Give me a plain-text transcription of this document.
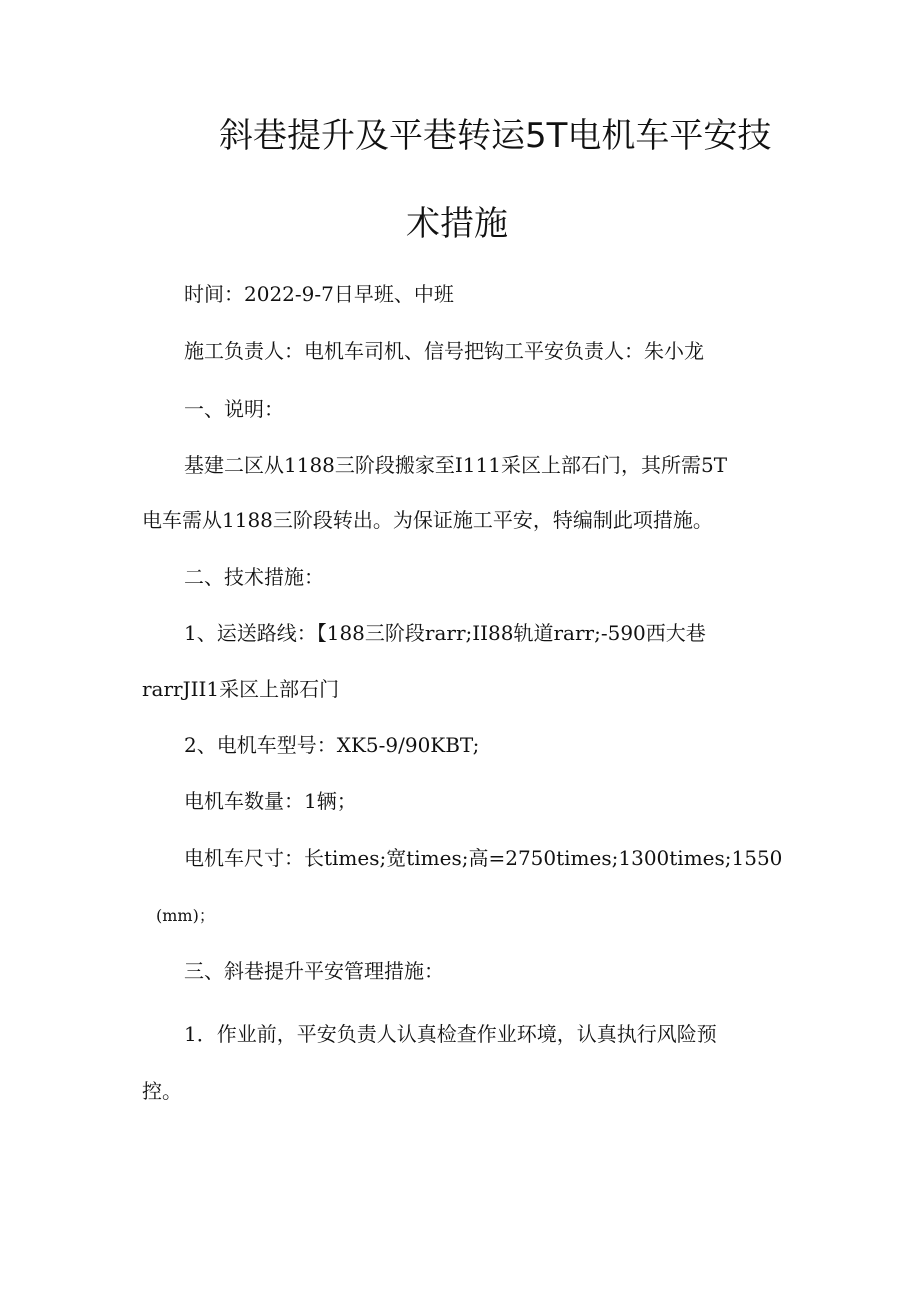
斜巷提升及平巷转运5T电机车平安技
术措施
时间：2022-9-7日早班、中班
施工负责人：电机车司机、信号把钩工平安负责人：朱小龙
一、说明：
基建二区从1188三阶段搬家至I111采区上部石门，其所需5T
电车需从1188三阶段转出。为保证施工平安，特编制此项措施。
二、技术措施：
1、运送路线：【188三阶段rarr;II88轨道rarr;-590西大巷
rarrJII1采区上部石门
2、电机车型号：XK5-9/90KBT;
电机车数量：1辆；
电机车尺寸：长times;宽times;高=2750times;1300times;1550
(mm)；
三、斜巷提升平安管理措施：
1．作业前，平安负责人认真检查作业环境，认真执行风险预
控。
